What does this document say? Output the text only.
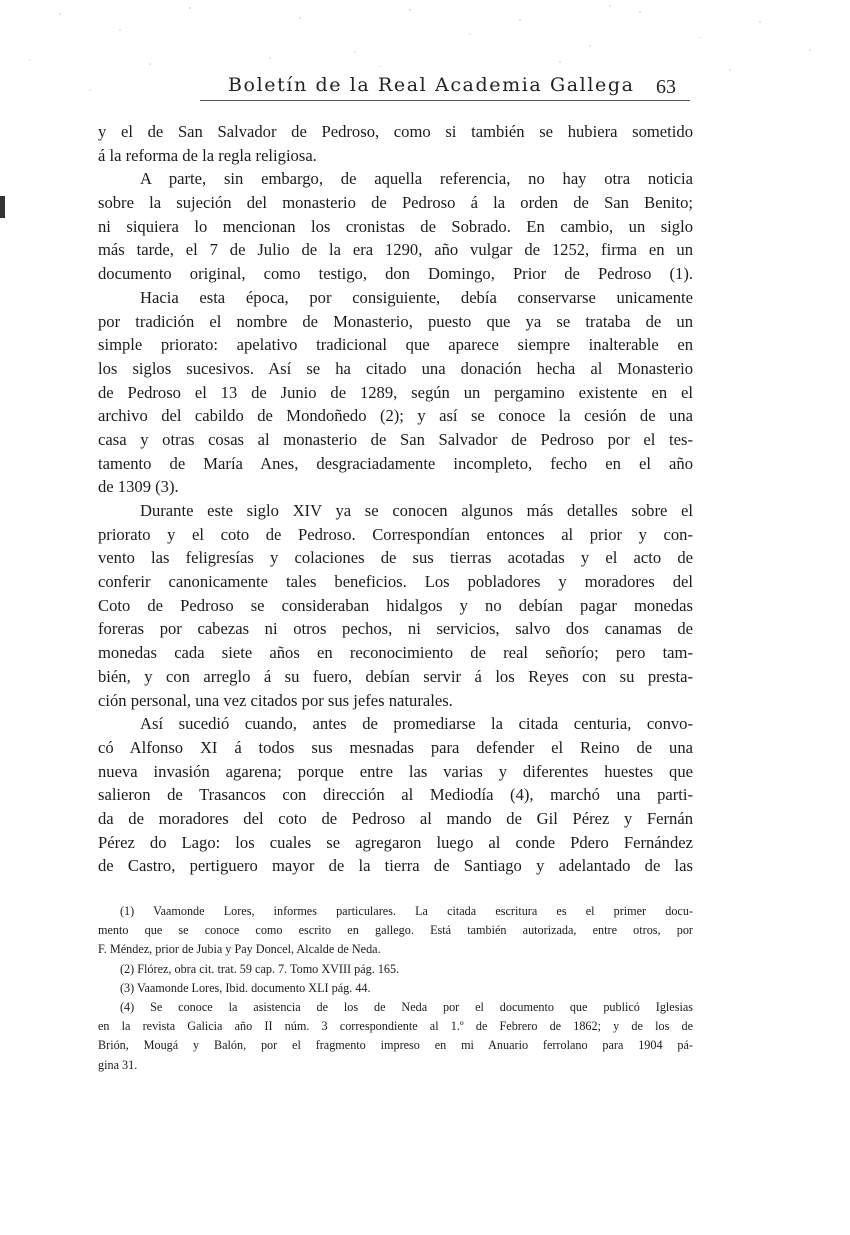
Boletín de la Real Academia Gallega 63
y el de San Salvador de Pedroso, como si también se hubiera sometido
á la reforma de la regla religiosa.
A parte, sin embargo, de aquella referencia, no hay otra noticia
sobre la sujeción del monasterio de Pedroso á la orden de San Benito;
ni siquiera lo mencionan los cronistas de Sobrado. En cambio, un siglo
más tarde, el 7 de Julio de la era 1290, año vulgar de 1252, firma en un
documento original, como testigo, don Domingo, Prior de Pedroso (1).
Hacia esta época, por consiguiente, debía conservarse unicamente
por tradición el nombre de Monasterio, puesto que ya se trataba de un
simple priorato: apelativo tradicional que aparece siempre inalterable en
los siglos sucesivos. Así se ha citado una donación hecha al Monasterio
de Pedroso el 13 de Junio de 1289, según un pergamino existente en el
archivo del cabildo de Mondoñedo (2); y así se conoce la cesión de una
casa y otras cosas al monasterio de San Salvador de Pedroso por el tes-
tamento de María Anes, desgraciadamente incompleto, fecho en el año
de 1309 (3).
Durante este siglo XIV ya se conocen algunos más detalles sobre el
priorato y el coto de Pedroso. Correspondían entonces al prior y con-
vento las feligresías y colaciones de sus tierras acotadas y el acto de
conferir canonicamente tales beneficios. Los pobladores y moradores del
Coto de Pedroso se consideraban hidalgos y no debían pagar monedas
foreras por cabezas ni otros pechos, ni servicios, salvo dos canamas de
monedas cada siete años en reconocimiento de real señorío; pero tam-
bién, y con arreglo á su fuero, debían servir á los Reyes con su presta-
ción personal, una vez citados por sus jefes naturales.
Así sucedió cuando, antes de promediarse la citada centuria, convo-
có Alfonso XI á todos sus mesnadas para defender el Reino de una
nueva invasión agarena; porque entre las varias y diferentes huestes que
salieron de Trasancos con dirección al Mediodía (4), marchó una parti-
da de moradores del coto de Pedroso al mando de Gil Pérez y Fernán
Pérez do Lago: los cuales se agregaron luego al conde Pdero Fernández
de Castro, pertiguero mayor de la tierra de Santiago y adelantado de las
(1) Vaamonde Lores, informes particulares. La citada escritura es el primer docu-
mento que se conoce como escrito en gallego. Está también autorizada, entre otros, por
F. Méndez, prior de Jubia y Pay Doncel, Alcalde de Neda.
(2) Flórez, obra cit. trat. 59 cap. 7. Tomo XVIII pág. 165.
(3) Vaamonde Lores, Ibid. documento XLI pág. 44.
(4) Se conoce la asistencia de los de Neda por el documento que publicó Iglesias
en la revista Galicia año II núm. 3 correspondiente al 1.º de Febrero de 1862; y de los de
Brión, Mougá y Balón, por el fragmento impreso en mi Anuario ferrolano para 1904 pá-
gina 31.
